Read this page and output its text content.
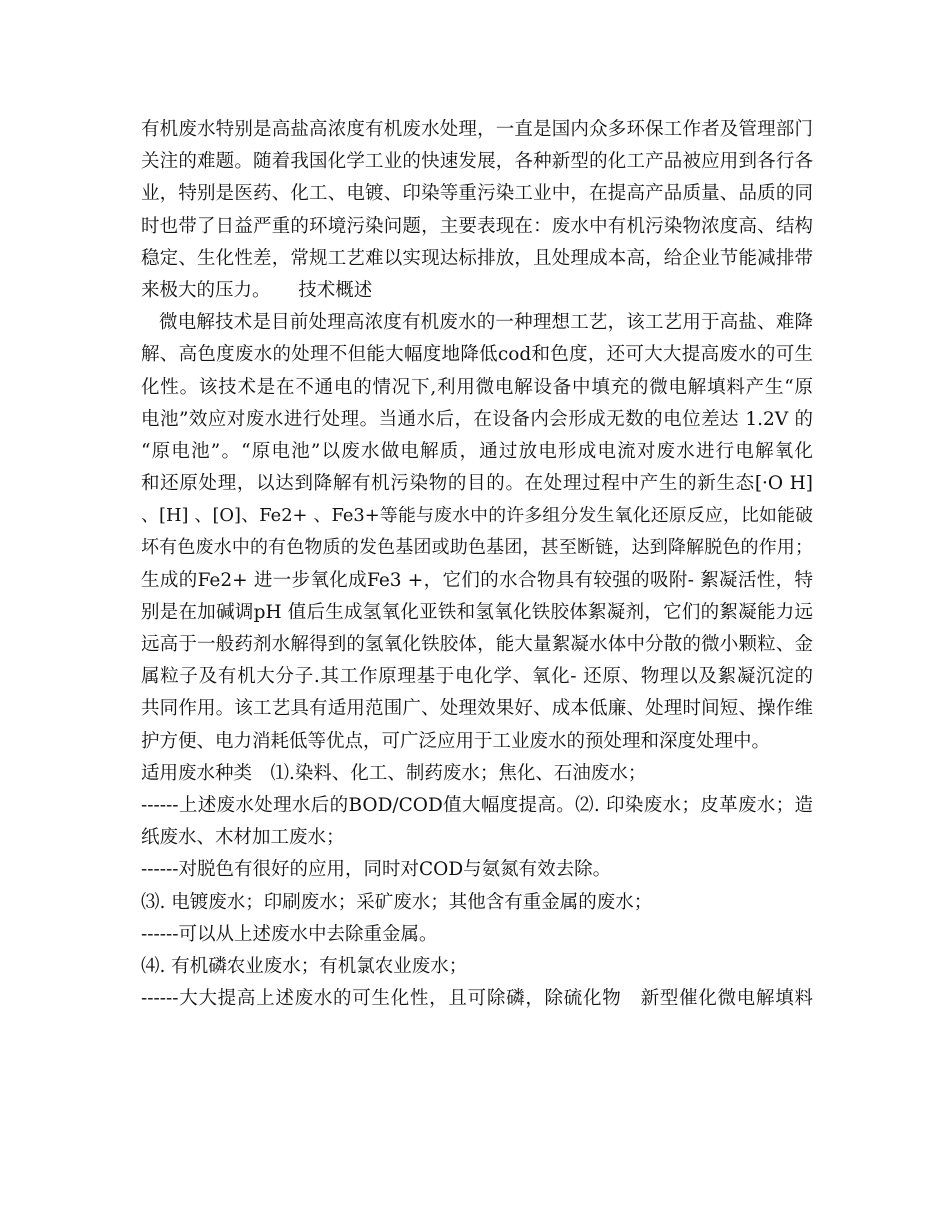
有机废水特别是高盐高浓度有机废水处理，一直是国内众多环保工作者及管理部门
关注的难题。随着我国化学工业的快速发展，各种新型的化工产品被应用到各行各
业，特别是医药、化工、电镀、印染等重污染工业中，在提高产品质量、品质的同
时也带了日益严重的环境污染问题，主要表现在：废水中有机污染物浓度高、结构
稳定、生化性差，常规工艺难以实现达标排放，且处理成本高，给企业节能减排带
来极大的压力。　　技术概述
微电解技术是目前处理高浓度有机废水的一种理想工艺，该工艺用于高盐、难降
解、高色度废水的处理不但能大幅度地降低cod和色度，还可大大提高废水的可生
化性。该技术是在不通电的情况下,利用微电解设备中填充的微电解填料产生“原
电池”效应对废水进行处理。当通水后，在设备内会形成无数的电位差达 1.2V 的
“原电池”。“原电池”以废水做电解质，通过放电形成电流对废水进行电解氧化
和还原处理，以达到降解有机污染物的目的。在处理过程中产生的新生态[·O H]
、[H] 、[O]、Fe2+ 、Fe3+等能与废水中的许多组分发生氧化还原反应，比如能破
坏有色废水中的有色物质的发色基团或助色基团，甚至断链，达到降解脱色的作用；
生成的Fe2+ 进一步氧化成Fe3 +，它们的水合物具有较强的吸附- 絮凝活性，特
别是在加碱调pH 值后生成氢氧化亚铁和氢氧化铁胶体絮凝剂，它们的絮凝能力远
远高于一般药剂水解得到的氢氧化铁胶体，能大量絮凝水体中分散的微小颗粒、金
属粒子及有机大分子.其工作原理基于电化学、氧化- 还原、物理以及絮凝沉淀的
共同作用。该工艺具有适用范围广、处理效果好、成本低廉、处理时间短、操作维
护方便、电力消耗低等优点，可广泛应用于工业废水的预处理和深度处理中。
适用废水种类　⑴.染料、化工、制药废水；焦化、石油废水；
------上述废水处理水后的BOD/COD值大幅度提高。⑵. 印染废水；皮革废水；造
纸废水、木材加工废水；
------对脱色有很好的应用，同时对COD与氨氮有效去除。
⑶. 电镀废水；印刷废水；采矿废水；其他含有重金属的废水；
------可以从上述废水中去除重金属。
⑷. 有机磷农业废水；有机氯农业废水；
------大大提高上述废水的可生化性，且可除磷，除硫化物　新型催化微电解填料
